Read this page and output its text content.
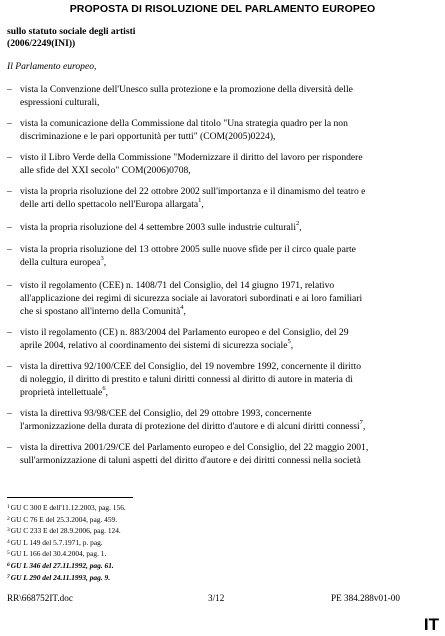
PROPOSTA DI RISOLUZIONE DEL PARLAMENTO EUROPEO
sullo statuto sociale degli artisti
(2006/2249(INI))
Il Parlamento europeo,
– vista la Convenzione dell'Unesco sulla protezione e la promozione della diversità delle
espressioni culturali,
– vista la comunicazione della Commissione dal titolo "Una strategia quadro per la non
discriminazione e le pari opportunità per tutti" (COM(2005)0224),
– visto il Libro Verde della Commissione "Modernizzare il diritto del lavoro per rispondere
alle sfide del XXI secolo" COM(2006)0708,
– vista la propria risoluzione del 22 ottobre 2002 sull'importanza e il dinamismo del teatro e
delle arti dello spettacolo nell'Europa allargata$^1$,
– vista la propria risoluzione del 4 settembre 2003 sulle industrie culturali$^2$,
– vista la propria risoluzione del 13 ottobre 2005 sulle nuove sfide per il circo quale parte
della cultura europea$^3$,
– visto il regolamento (CEE) n. 1408/71 del Consiglio, del 14 giugno 1971, relativo
all'applicazione dei regimi di sicurezza sociale ai lavoratori subordinati e ai loro familiari
che si spostano all'interno della Comunità$^4$,
– visto il regolamento (CE) n. 883/2004 del Parlamento europeo e del Consiglio, del 29
aprile 2004, relativo al coordinamento dei sistemi di sicurezza sociale$^5$,
– vista la direttiva 92/100/CEE del Consiglio, del 19 novembre 1992, concernente il diritto
di noleggio, il diritto di prestito e taluni diritti connessi al diritto di autore in materia di
proprietà intellettuale$^6$,
– vista la direttiva 93/98/CEE del Consiglio, del 29 ottobre 1993, concernente
l'armonizzazione della durata di protezione del diritto d'autore e di alcuni diritti connessi$^7$,
– vista la direttiva 2001/29/CE del Parlamento europeo e del Consiglio, del 22 maggio 2001,
sull'armonizzazione di taluni aspetti del diritto d'autore e dei diritti connessi nella società
$^1$GU C 300 E dell'11.12.2003, pag. 156.
$^2$GU C 76 E del 25.3.2004, pag. 459.
$^3$GU C 233 E del 28.9.2006, pag. 124.
$^4$GU L 149 del 5.7.1971, p. pag.
$^5$GU L 166 del 30.4.2004, pag. 1.
$^6$GU L 346 del 27.11.1992, pag. 61.
$^7$GU L 290 del 24.11.1993, pag. 9.
RR\668752IT.doc	3/12	PE 384.288v01-00
IT
